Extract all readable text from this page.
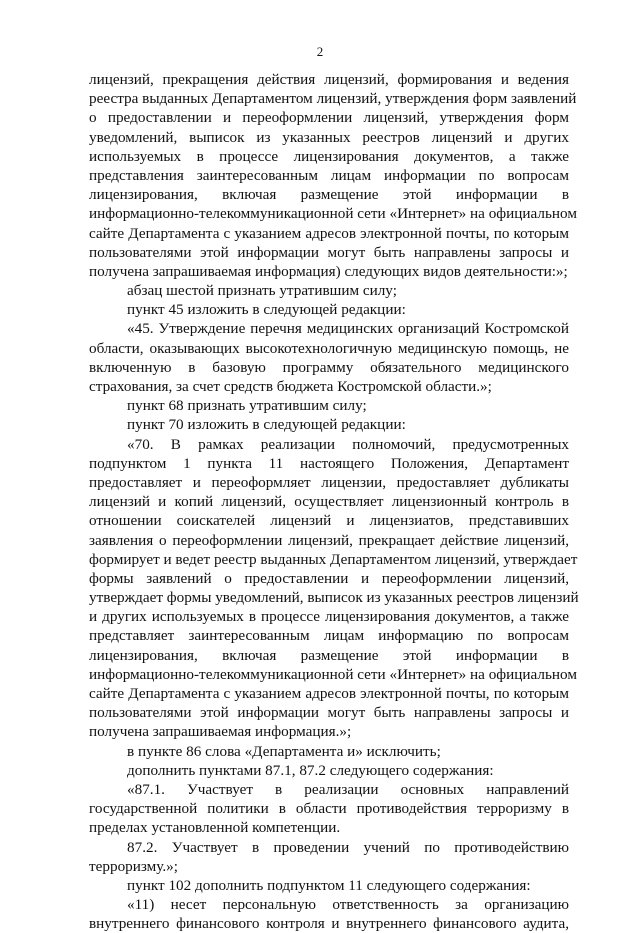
2
лицензий, прекращения действия лицензий, формирования и ведения
реестра выданных Департаментом лицензий, утверждения форм заявлений
о предоставлении и переоформлении лицензий, утверждения форм
уведомлений, выписок из указанных реестров лицензий и других
используемых в процессе лицензирования документов, а также
представления заинтересованным лицам информации по вопросам
лицензирования, включая размещение этой информации в
информационно-телекоммуникационной сети «Интернет» на официальном
сайте Департамента с указанием адресов электронной почты, по которым
пользователями этой информации могут быть направлены запросы и
получена запрашиваемая информация) следующих видов деятельности:»;
абзац шестой признать утратившим силу;
пункт 45 изложить в следующей редакции:
«45. Утверждение перечня медицинских организаций Костромской
области, оказывающих высокотехнологичную медицинскую помощь, не
включенную в базовую программу обязательного медицинского
страхования, за счет средств бюджета Костромской области.»;
пункт 68 признать утратившим силу;
пункт 70 изложить в следующей редакции:
«70. В рамках реализации полномочий, предусмотренных
подпунктом 1 пункта 11 настоящего Положения, Департамент
предоставляет и переоформляет лицензии, предоставляет дубликаты
лицензий и копий лицензий, осуществляет лицензионный контроль в
отношении соискателей лицензий и лицензиатов, представивших
заявления о переоформлении лицензий, прекращает действие лицензий,
формирует и ведет реестр выданных Департаментом лицензий, утверждает
формы заявлений о предоставлении и переоформлении лицензий,
утверждает формы уведомлений, выписок из указанных реестров лицензий
и других используемых в процессе лицензирования документов, а также
представляет заинтересованным лицам информацию по вопросам
лицензирования, включая размещение этой информации в
информационно-телекоммуникационной сети «Интернет» на официальном
сайте Департамента с указанием адресов электронной почты, по которым
пользователями этой информации могут быть направлены запросы и
получена запрашиваемая информация.»;
в пункте 86 слова «Департамента и» исключить;
дополнить пунктами 87.1, 87.2 следующего содержания:
«87.1. Участвует в реализации основных направлений
государственной политики в области противодействия терроризму в
пределах установленной компетенции.
87.2. Участвует в проведении учений по противодействию
терроризму.»;
пункт 102 дополнить подпунктом 11 следующего содержания:
«11) несет персональную ответственность за организацию
внутреннего финансового контроля и внутреннего финансового аудита,
